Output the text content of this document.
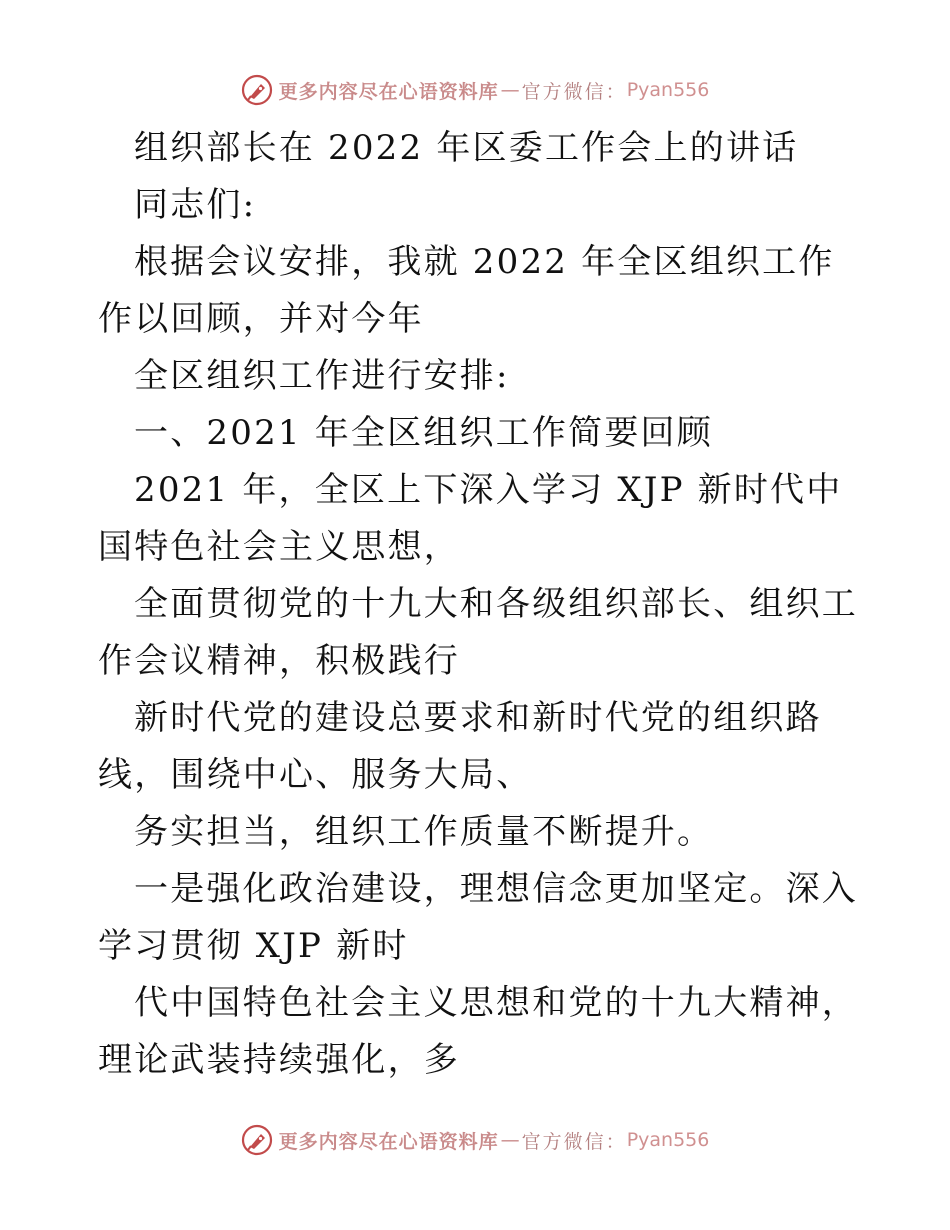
更多内容尽在心语资料库 — 官方微信： Pyan556

组织部长在 2022 年区委工作会上的讲话

同志们:

根据会议安排，我就 2022 年全区组织工作作以回顾，并对今年

全区组织工作进行安排:

一、2021 年全区组织工作简要回顾

2021 年，全区上下深入学习 XJP 新时代中国特色社会主义思想，

全面贯彻党的十九大和各级组织部长、组织工作会议精神，积极践行

新时代党的建设总要求和新时代党的组织路线，围绕中心、服务大局、

务实担当，组织工作质量不断提升。

一是强化政治建设，理想信念更加坚定。深入学习贯彻 XJP 新时

代中国特色社会主义思想和党的十九大精神，理论武装持续强化，多

更多内容尽在心语资料库 — 官方微信： Pyan556
